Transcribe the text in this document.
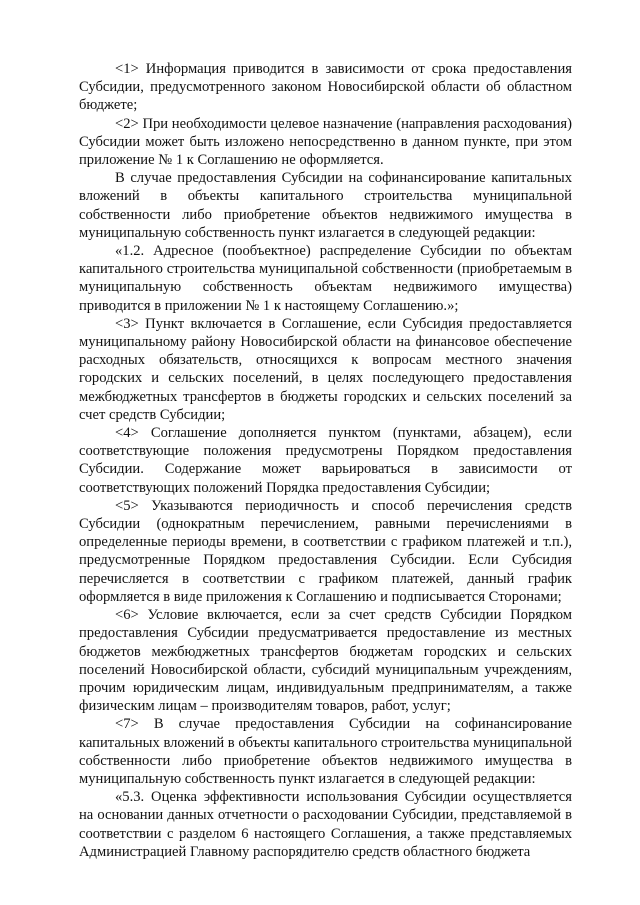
<1> Информация приводится в зависимости от срока предоставления Субсидии, предусмотренного законом Новосибирской области об областном бюджете;

<2> При необходимости целевое назначение (направления расходования) Субсидии может быть изложено непосредственно в данном пункте, при этом приложение № 1 к Соглашению не оформляется.

В случае предоставления Субсидии на софинансирование капитальных вложений в объекты капитального строительства муниципальной собственности либо приобретение объектов недвижимого имущества в муниципальную собственность пункт излагается в следующей редакции:

«1.2. Адресное (пообъектное) распределение Субсидии по объектам капитального строительства муниципальной собственности (приобретаемым в муниципальную собственность объектам недвижимого имущества) приводится в приложении № 1 к настоящему Соглашению.»;

<3> Пункт включается в Соглашение, если Субсидия предоставляется муниципальному району Новосибирской области на финансовое обеспечение расходных обязательств, относящихся к вопросам местного значения городских и сельских поселений, в целях последующего предоставления межбюджетных трансфертов в бюджеты городских и сельских поселений за счет средств Субсидии;

<4> Соглашение дополняется пунктом (пунктами, абзацем), если соответствующие положения предусмотрены Порядком предоставления Субсидии. Содержание может варьироваться в зависимости от соответствующих положений Порядка предоставления Субсидии;

<5> Указываются периодичность и способ перечисления средств Субсидии (однократным перечислением, равными перечислениями в определенные периоды времени, в соответствии с графиком платежей и т.п.), предусмотренные Порядком предоставления Субсидии. Если Субсидия перечисляется в соответствии с графиком платежей, данный график оформляется в виде приложения к Соглашению и подписывается Сторонами;

<6> Условие включается, если за счет средств Субсидии Порядком предоставления Субсидии предусматривается предоставление из местных бюджетов межбюджетных трансфертов бюджетам городских и сельских поселений Новосибирской области, субсидий муниципальным учреждениям, прочим юридическим лицам, индивидуальным предпринимателям, а также физическим лицам – производителям товаров, работ, услуг;

<7> В случае предоставления Субсидии на софинансирование капитальных вложений в объекты капитального строительства муниципальной собственности либо приобретение объектов недвижимого имущества в муниципальную собственность пункт излагается в следующей редакции:

«5.3. Оценка эффективности использования Субсидии осуществляется на основании данных отчетности о расходовании Субсидии, представляемой в соответствии с разделом 6 настоящего Соглашения, а также представляемых Администрацией Главному распорядителю средств областного бюджета
